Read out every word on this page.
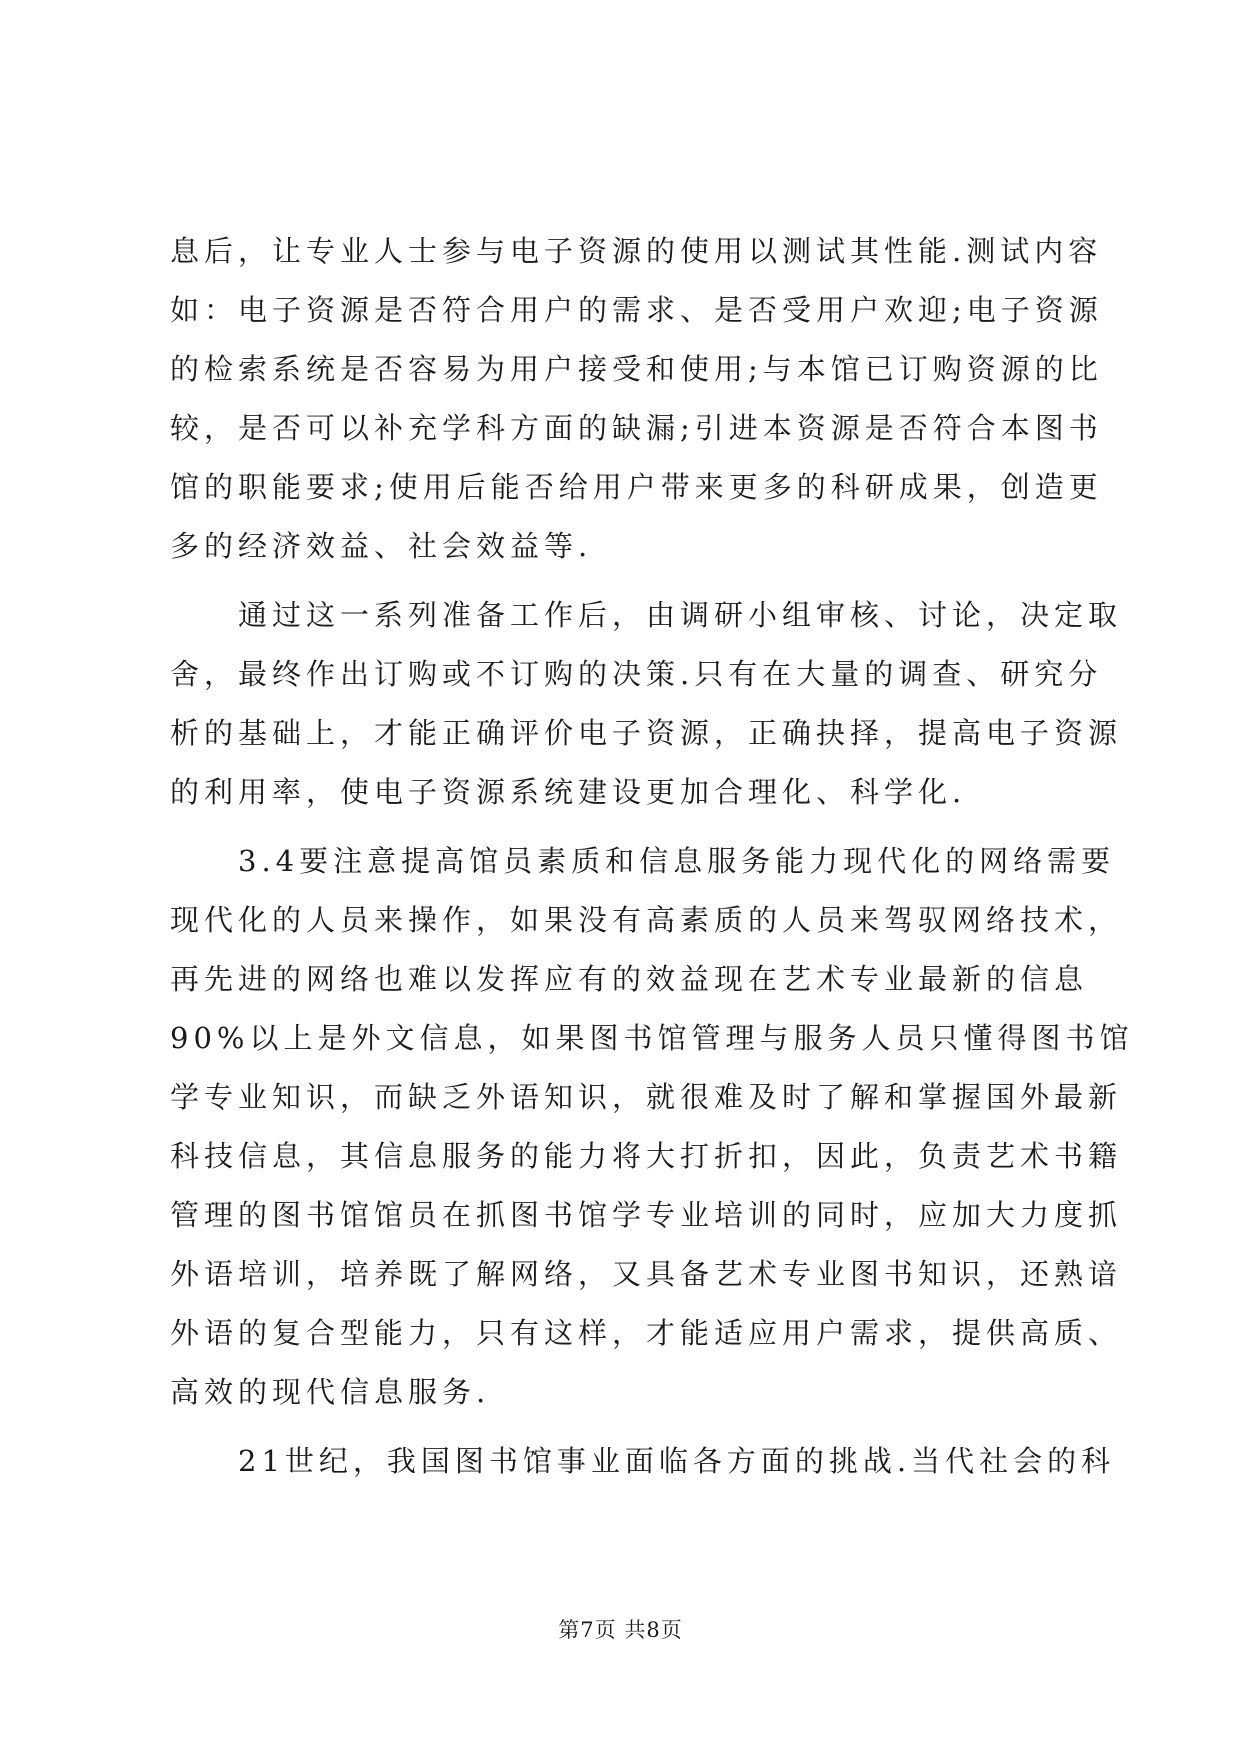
息后，让专业人士参与电子资源的使用以测试其性能.测试内容
如：电子资源是否符合用户的需求、是否受用户欢迎;电子资源
的检索系统是否容易为用户接受和使用;与本馆已订购资源的比
较，是否可以补充学科方面的缺漏;引进本资源是否符合本图书
馆的职能要求;使用后能否给用户带来更多的科研成果，创造更
多的经济效益、社会效益等.
　　通过这一系列准备工作后，由调研小组审核、讨论，决定取
舍，最终作出订购或不订购的决策.只有在大量的调查、研究分
析的基础上，才能正确评价电子资源，正确抉择，提高电子资源
的利用率，使电子资源系统建设更加合理化、科学化.
　　3.4要注意提高馆员素质和信息服务能力现代化的网络需要
现代化的人员来操作，如果没有高素质的人员来驾驭网络技术，
再先进的网络也难以发挥应有的效益现在艺术专业最新的信息
90%以上是外文信息，如果图书馆管理与服务人员只懂得图书馆
学专业知识，而缺乏外语知识，就很难及时了解和掌握国外最新
科技信息，其信息服务的能力将大打折扣，因此，负责艺术书籍
管理的图书馆馆员在抓图书馆学专业培训的同时，应加大力度抓
外语培训，培养既了解网络，又具备艺术专业图书知识，还熟谙
外语的复合型能力，只有这样，才能适应用户需求，提供高质、
高效的现代信息服务.
　　21世纪，我国图书馆事业面临各方面的挑战.当代社会的科
第7页 共8页
